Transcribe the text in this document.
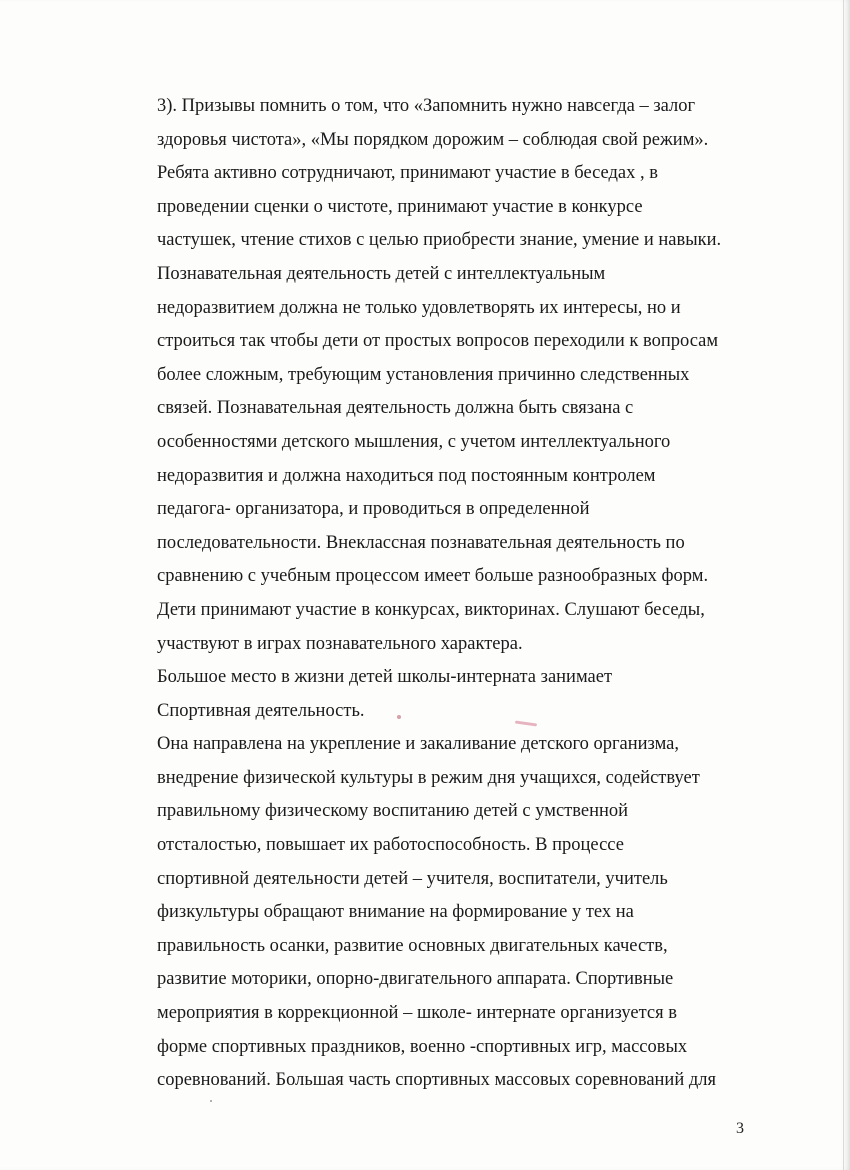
3). Призывы помнить о том, что «Запомнить нужно навсегда – залог
здоровья чистота», «Мы порядком дорожим – соблюдая свой режим».
Ребята активно сотрудничают, принимают участие в беседах , в
проведении сценки о чистоте, принимают участие в конкурсе
частушек, чтение стихов с целью приобрести знание, умение и навыки.
Познавательная деятельность детей с интеллектуальным
недоразвитием должна не только удовлетворять их интересы, но и
строиться так чтобы дети от простых вопросов переходили к вопросам
более сложным, требующим установления причинно следственных
связей. Познавательная деятельность должна быть связана с
особенностями детского мышления, с учетом интеллектуального
недоразвития и должна находиться под постоянным контролем
педагога- организатора, и проводиться в определенной
последовательности. Внеклассная познавательная деятельность по
сравнению с учебным процессом имеет больше разнообразных форм.
Дети принимают участие в конкурсах, викторинах. Слушают беседы,
участвуют в играх познавательного характера.
Большое место в жизни детей школы-интерната занимает
Спортивная деятельность.
Она направлена на укрепление и закаливание детского организма,
внедрение физической культуры в режим дня учащихся, содействует
правильному физическому воспитанию детей с умственной
отсталостью, повышает их работоспособность. В процессе
спортивной деятельности детей – учителя, воспитатели, учитель
физкультуры обращают внимание на формирование у тех на
правильность осанки, развитие основных двигательных качеств,
развитие моторики, опорно-двигательного аппарата. Спортивные
мероприятия в коррекционной – школе- интернате организуется в
форме спортивных праздников, военно -спортивных игр, массовых
соревнований. Большая часть спортивных массовых соревнований для
3
